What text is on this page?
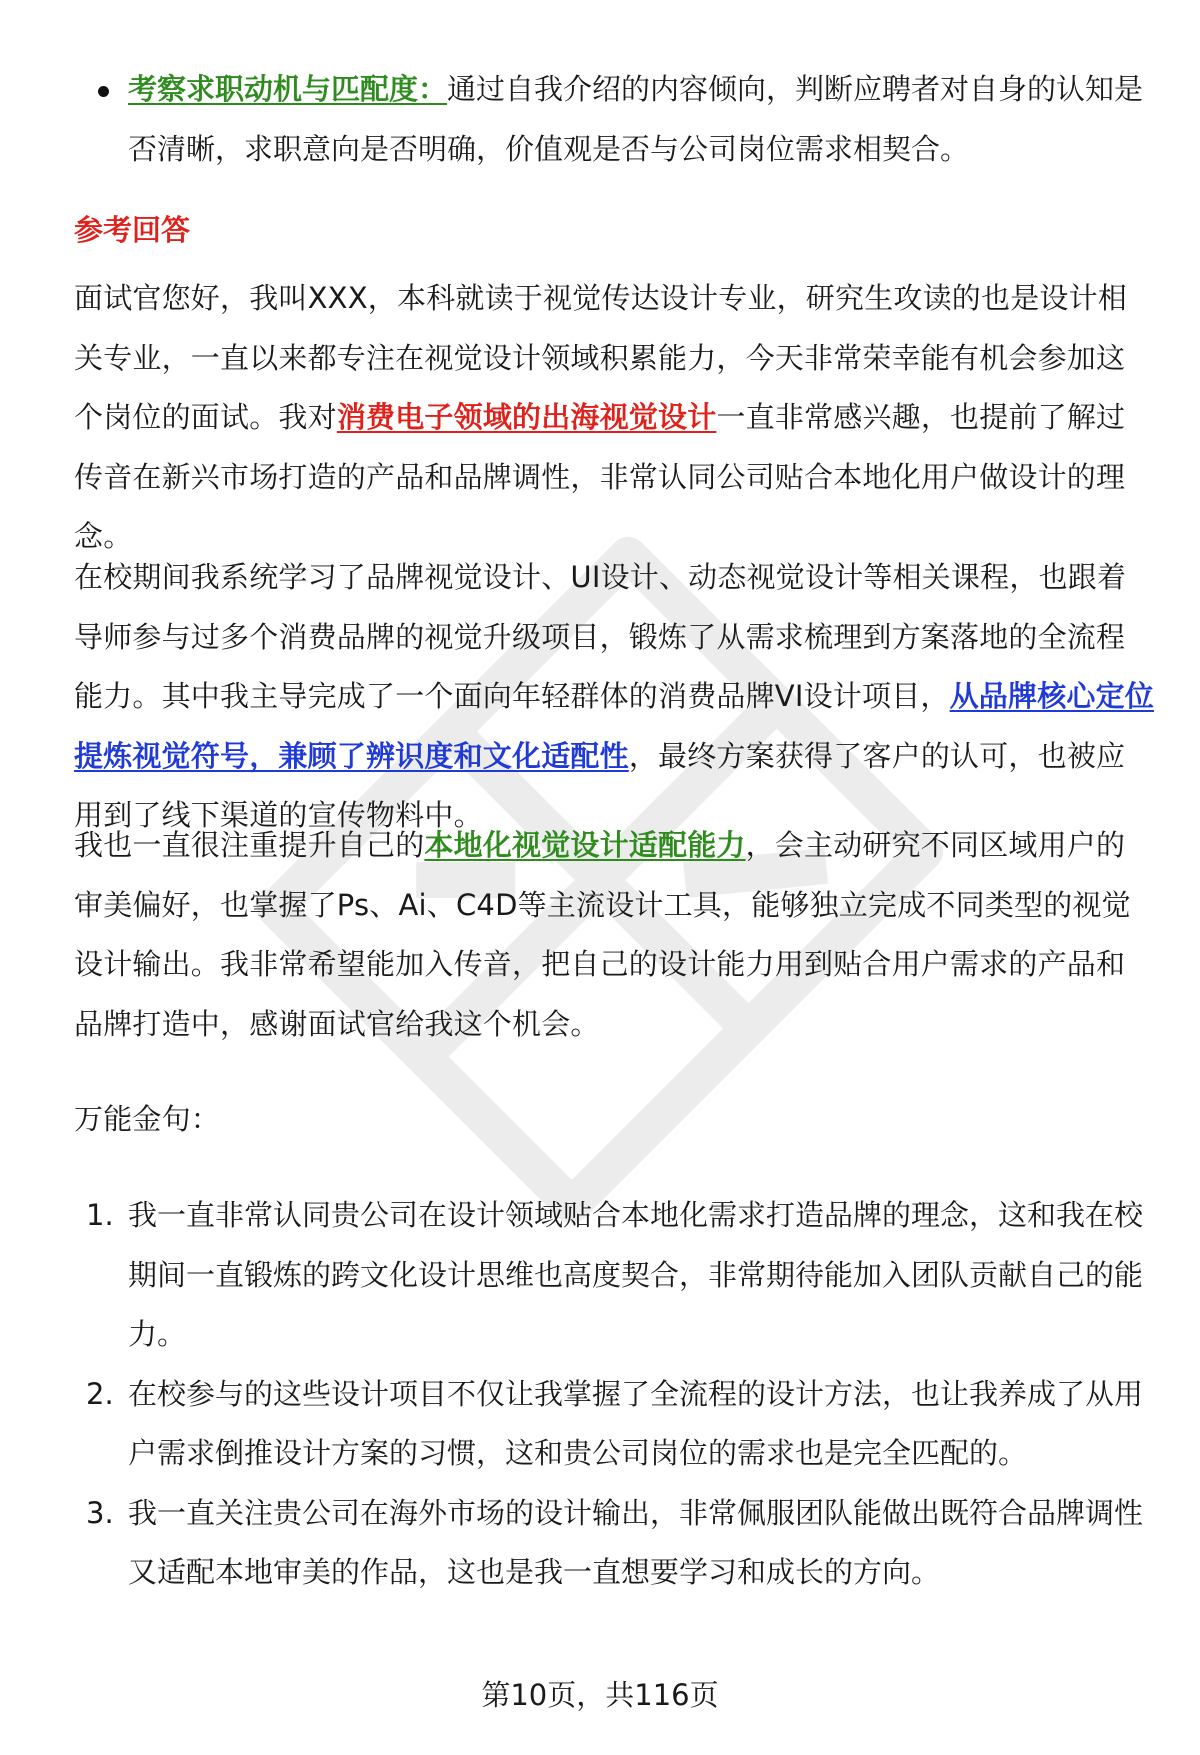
考察求职动机与匹配度：通过自我介绍的内容倾向，判断应聘者对自身的认知是否清晰，求职意向是否明确，价值观是否与公司岗位需求相契合。

参考回答

面试官您好，我叫XXX，本科就读于视觉传达设计专业，研究生攻读的也是设计相关专业，一直以来都专注在视觉设计领域积累能力，今天非常荣幸能有机会参加这个岗位的面试。我对消费电子领域的出海视觉设计一直非常感兴趣，也提前了解过传音在新兴市场打造的产品和品牌调性，非常认同公司贴合本地化用户做设计的理念。

在校期间我系统学习了品牌视觉设计、UI设计、动态视觉设计等相关课程，也跟着导师参与过多个消费品牌的视觉升级项目，锻炼了从需求梳理到方案落地的全流程能力。其中我主导完成了一个面向年轻群体的消费品牌VI设计项目，从品牌核心定位提炼视觉符号，兼顾了辨识度和文化适配性，最终方案获得了客户的认可，也被应用到了线下渠道的宣传物料中。

我也一直很注重提升自己的本地化视觉设计适配能力，会主动研究不同区域用户的审美偏好，也掌握了Ps、Ai、C4D等主流设计工具，能够独立完成不同类型的视觉设计输出。我非常希望能加入传音，把自己的设计能力用到贴合用户需求的产品和品牌打造中，感谢面试官给我这个机会。

万能金句：

1. 我一直非常认同贵公司在设计领域贴合本地化需求打造品牌的理念，这和我在校期间一直锻炼的跨文化设计思维也高度契合，非常期待能加入团队贡献自己的能力。
2. 在校参与的这些设计项目不仅让我掌握了全流程的设计方法，也让我养成了从用户需求倒推设计方案的习惯，这和贵公司岗位的需求也是完全匹配的。
3. 我一直关注贵公司在海外市场的设计输出，非常佩服团队能做出既符合品牌调性又适配本地审美的作品，这也是我一直想要学习和成长的方向。
第10页，共116页
